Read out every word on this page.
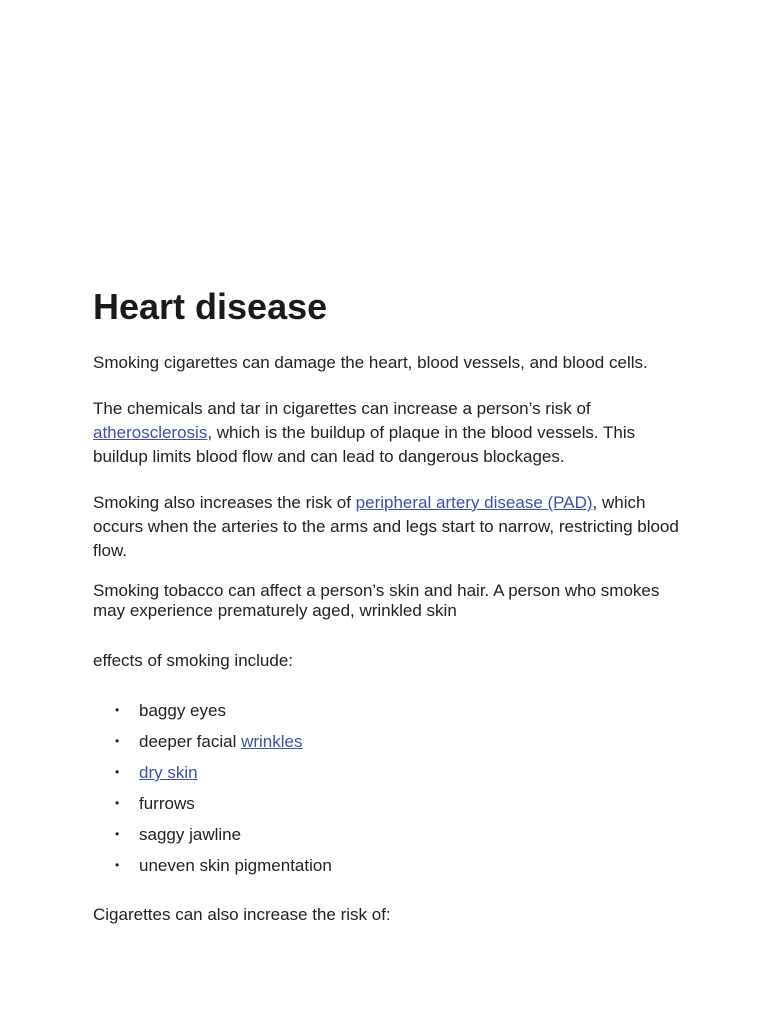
Heart disease

Smoking cigarettes can damage the heart, blood vessels, and blood cells.

The chemicals and tar in cigarettes can increase a person’s risk of atherosclerosis, which is the buildup of plaque in the blood vessels. This buildup limits blood flow and can lead to dangerous blockages.

Smoking also increases the risk of peripheral artery disease (PAD), which occurs when the arteries to the arms and legs start to narrow, restricting blood flow.

Smoking tobacco can affect a person’s skin and hair. A person who smokes may experience prematurely aged, wrinkled skin

effects of smoking include:

• baggy eyes
• deeper facial wrinkles
• dry skin
• furrows
• saggy jawline
• uneven skin pigmentation

Cigarettes can also increase the risk of:
